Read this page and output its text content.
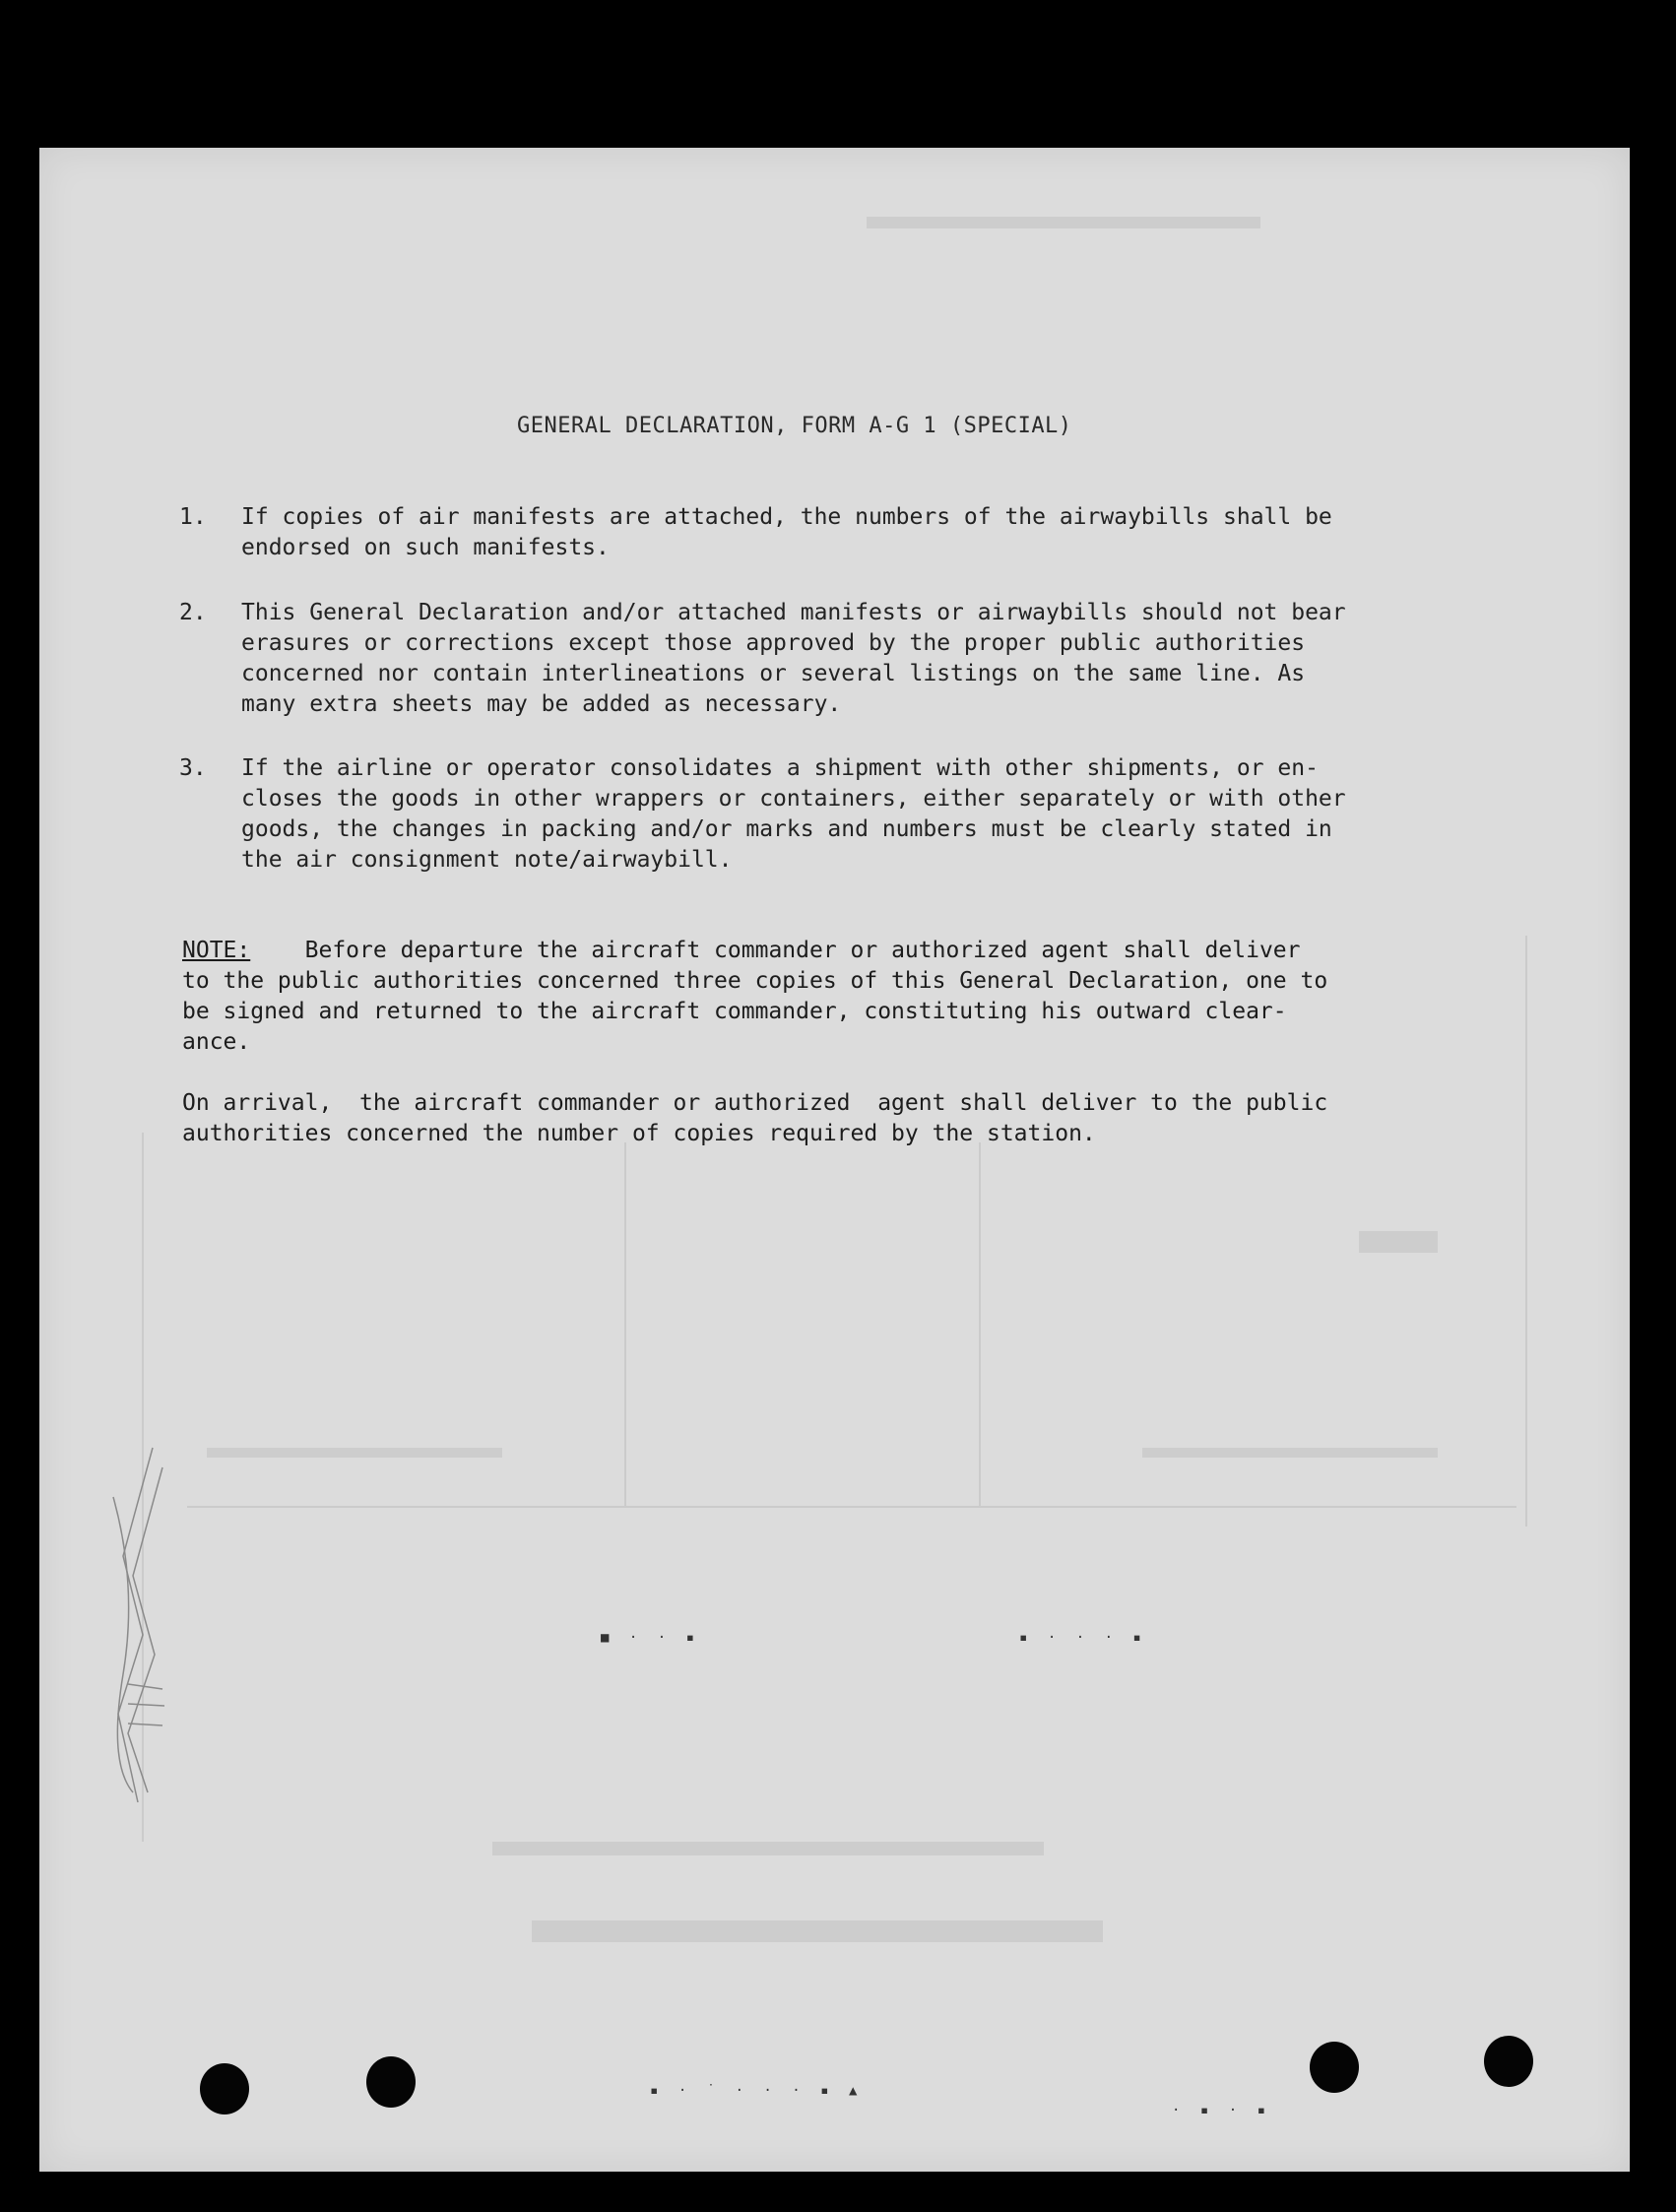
GENERAL DECLARATION, FORM A-G 1 (SPECIAL)
1.	If copies of air manifests are attached, the numbers of the airwaybills shall be
endorsed on such manifests.
2.	This General Declaration and/or attached manifests or airwaybills should not bear
erasures or corrections except those approved by the proper public authorities
concerned nor contain interlineations or several listings on the same line. As
many extra sheets may be added as necessary.
3.	If the airline or operator consolidates a shipment with other shipments, or en-
closes the goods in other wrappers or containers, either separately or with other
goods, the changes in packing and/or marks and numbers must be clearly stated in
the air consignment note/airwaybill.
NOTE:    Before departure the aircraft commander or authorized agent shall deliver
to the public authorities concerned three copies of this General Declaration, one to
be signed and returned to the aircraft commander, constituting his outward clear-
ance.
On arrival,  the aircraft commander or authorized  agent shall deliver to the public
authorities concerned the number of copies required by the station.
■ · · ▪	▪ · · · ▪
▪ · ˙ · · · ▪ ▲
· ▪ · ▪
